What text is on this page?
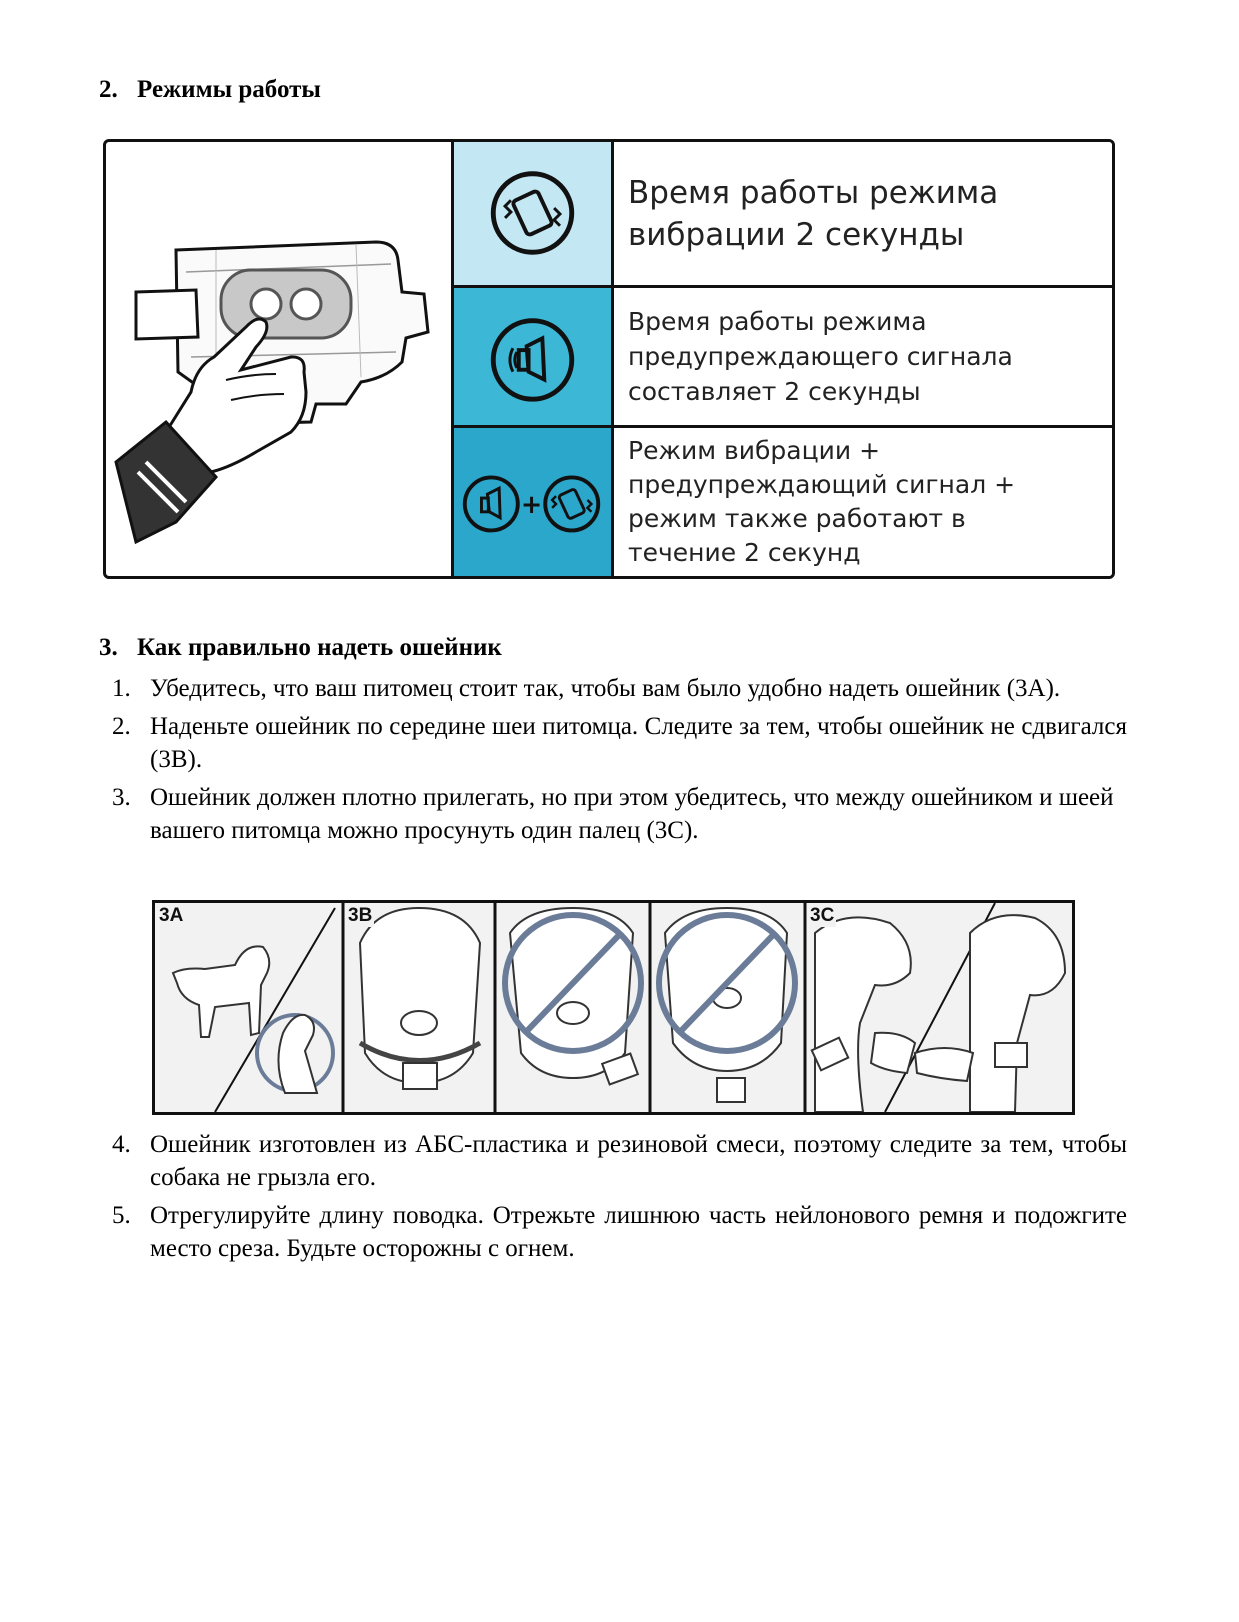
2. Режимы работы
Время работы режима
вибрации 2 секунды
Время работы режима
предупреждающего сигнала
составляет 2 секунды
+
Режим вибрации +
предупреждающий сигнал +
режим также работают в
течение 2 секунд
3. Как правильно надеть ошейник
1. Убедитесь, что ваш питомец стоит так, чтобы вам было удобно надеть ошейник (3А).
2. Наденьте ошейник по середине шеи питомца. Следите за тем, чтобы ошейник не сдвигался (3В).
3. Ошейник должен плотно прилегать, но при этом убедитесь, что между ошейником и шеей вашего питомца можно просунуть один палец (3С).
3A	3B	3C
4. Ошейник изготовлен из АБС-пластика и резиновой смеси, поэтому следите за тем, чтобы собака не грызла его.
5. Отрегулируйте длину поводка. Отрежьте лишнюю часть нейлонового ремня и подожгите место среза. Будьте осторожны с огнем.
